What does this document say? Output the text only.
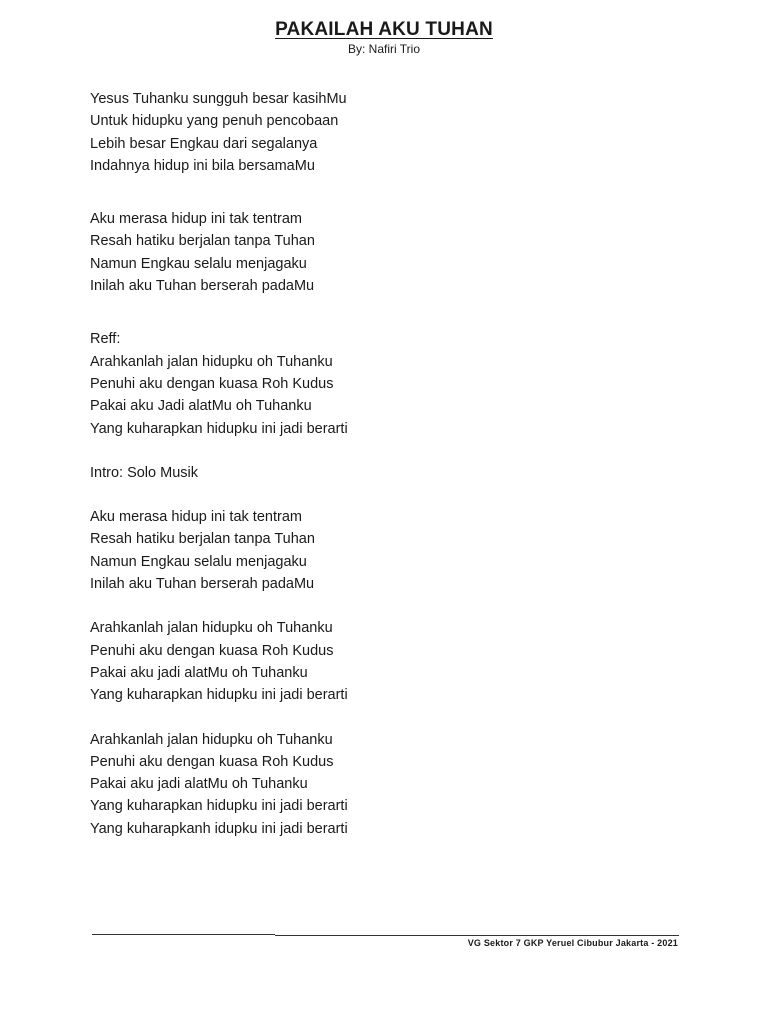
PAKAILAH AKU TUHAN

By: Nafiri Trio

Yesus Tuhanku sungguh besar kasihMu
Untuk hidupku yang penuh pencobaan
Lebih besar Engkau dari segalanya
Indahnya hidup ini bila bersamaMu
Aku merasa hidup ini tak tentram
Resah hatiku berjalan tanpa Tuhan
Namun Engkau selalu menjagaku
Inilah aku Tuhan berserah padaMu
Reff:
Arahkanlah jalan hidupku oh Tuhanku
Penuhi aku dengan kuasa Roh Kudus
Pakai aku Jadi alatMu oh Tuhanku
Yang kuharapkan hidupku ini jadi berarti
Intro: Solo Musik
Aku merasa hidup ini tak tentram
Resah hatiku berjalan tanpa Tuhan
Namun Engkau selalu menjagaku
Inilah aku Tuhan berserah padaMu
Arahkanlah jalan hidupku oh Tuhanku
Penuhi aku dengan kuasa Roh Kudus
Pakai aku jadi alatMu oh Tuhanku
Yang kuharapkan hidupku ini jadi berarti
Arahkanlah jalan hidupku oh Tuhanku
Penuhi aku dengan kuasa Roh Kudus
Pakai aku jadi alatMu oh Tuhanku
Yang kuharapkan hidupku ini jadi berarti
Yang kuharapkanh idupku ini jadi berarti
VG Sektor 7 GKP Yeruel Cibubur Jakarta - 2021
